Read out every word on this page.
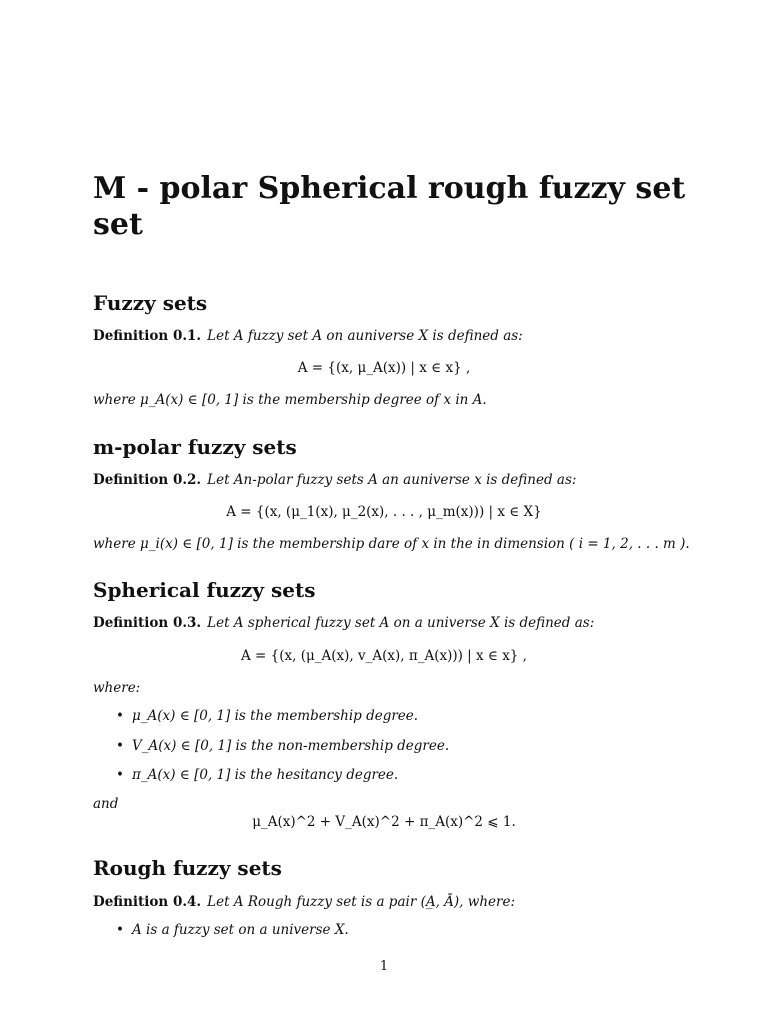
M - polar Spherical rough fuzzy set
set
Fuzzy sets
Definition 0.1. Let A fuzzy set A on auniverse X is defined as:
A = {(x, μ_A(x)) | x ∈ x} ,
where μ_A(x) ∈ [0, 1] is the membership degree of x in A.
m-polar fuzzy sets
Definition 0.2. Let An-polar fuzzy sets A an auniverse x is defined as:
A = {(x, (μ_1(x), μ_2(x), . . . , μ_m(x))) | x ∈ X}
where μ_i(x) ∈ [0, 1] is the membership dare of x in the in dimension ( i = 1, 2, . . . m ).
Spherical fuzzy sets
Definition 0.3. Let A spherical fuzzy set A on a universe X is defined as:
A = {(x, (μ_A(x), v_A(x), π_A(x))) | x ∈ x} ,
where:
• μ_A(x) ∈ [0, 1] is the membership degree.
• V_A(x) ∈ [0, 1] is the non-membership degree.
• π_A(x) ∈ [0, 1] is the hesitancy degree.
and
μ_A(x)^2 + V_A(x)^2 + π_A(x)^2 ⩽ 1.
Rough fuzzy sets
Definition 0.4. Let A Rough fuzzy set is a pair (A̲, Ā), where:
• A is a fuzzy set on a universe X.
1
